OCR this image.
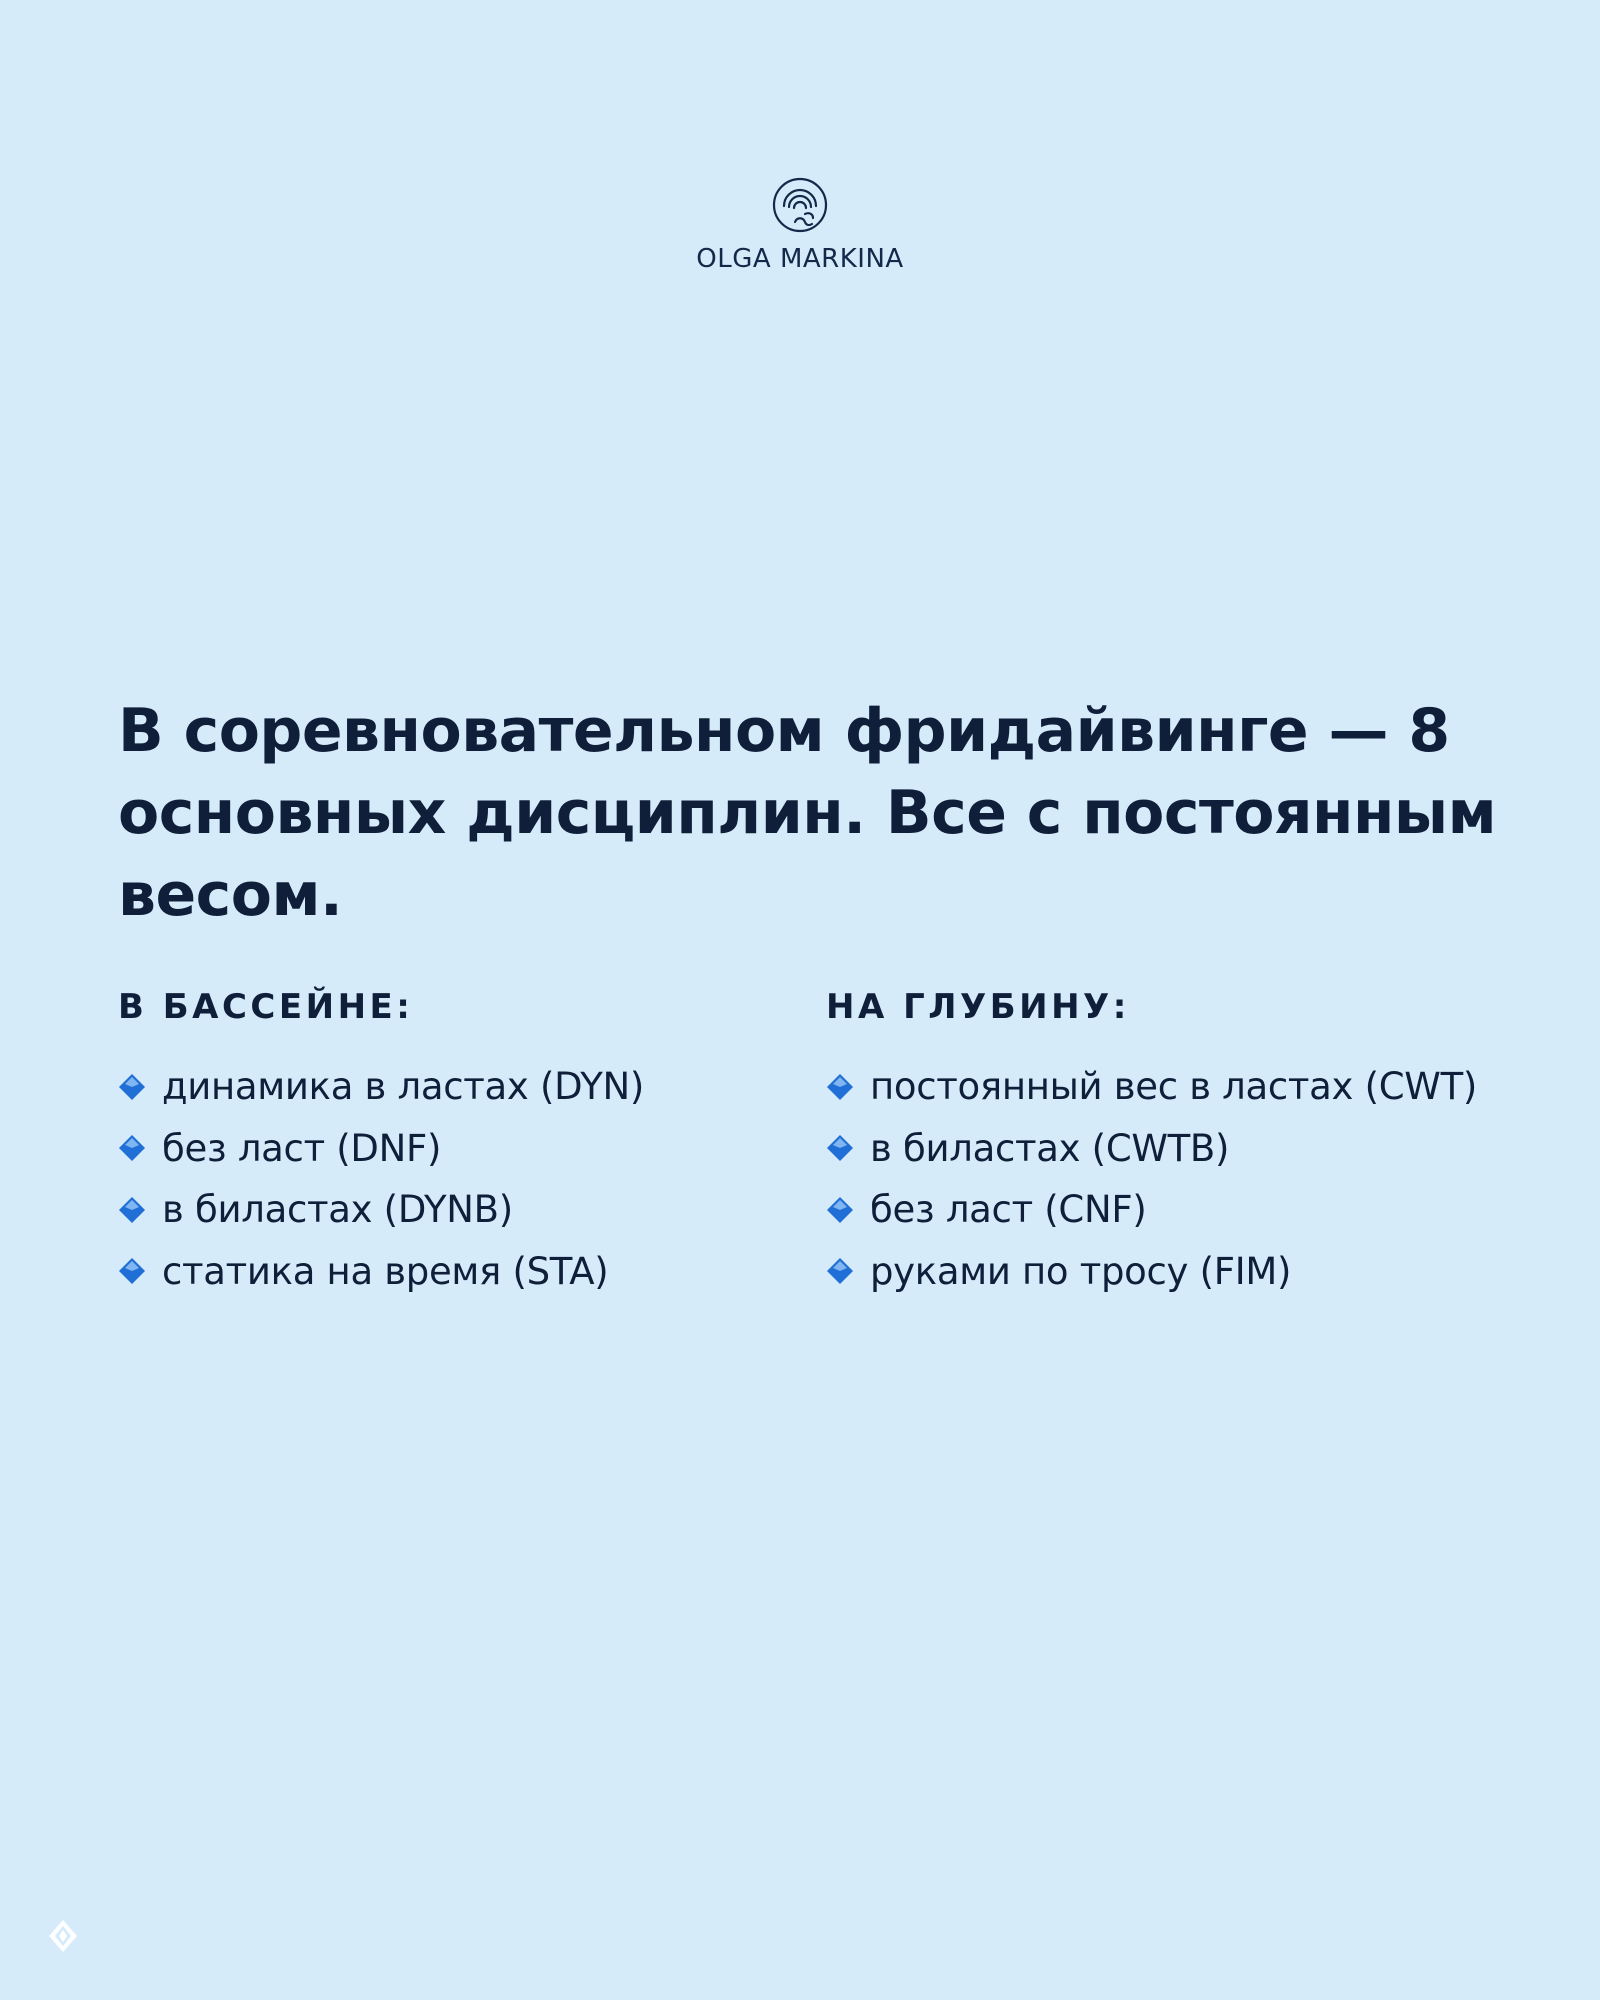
OLGA MARKINA
В соревновательном фридайвинге — 8 основных дисциплин. Все с постоянным весом.
В БАССЕЙНЕ:
динамика в ластах (DYN)
без ласт (DNF)
в биластах (DYNB)
статика на время (STA)
НА ГЛУБИНУ:
постоянный вес в ластах (CWT)
в биластах (CWTB)
без ласт (CNF)
руками по тросу (FIM)
